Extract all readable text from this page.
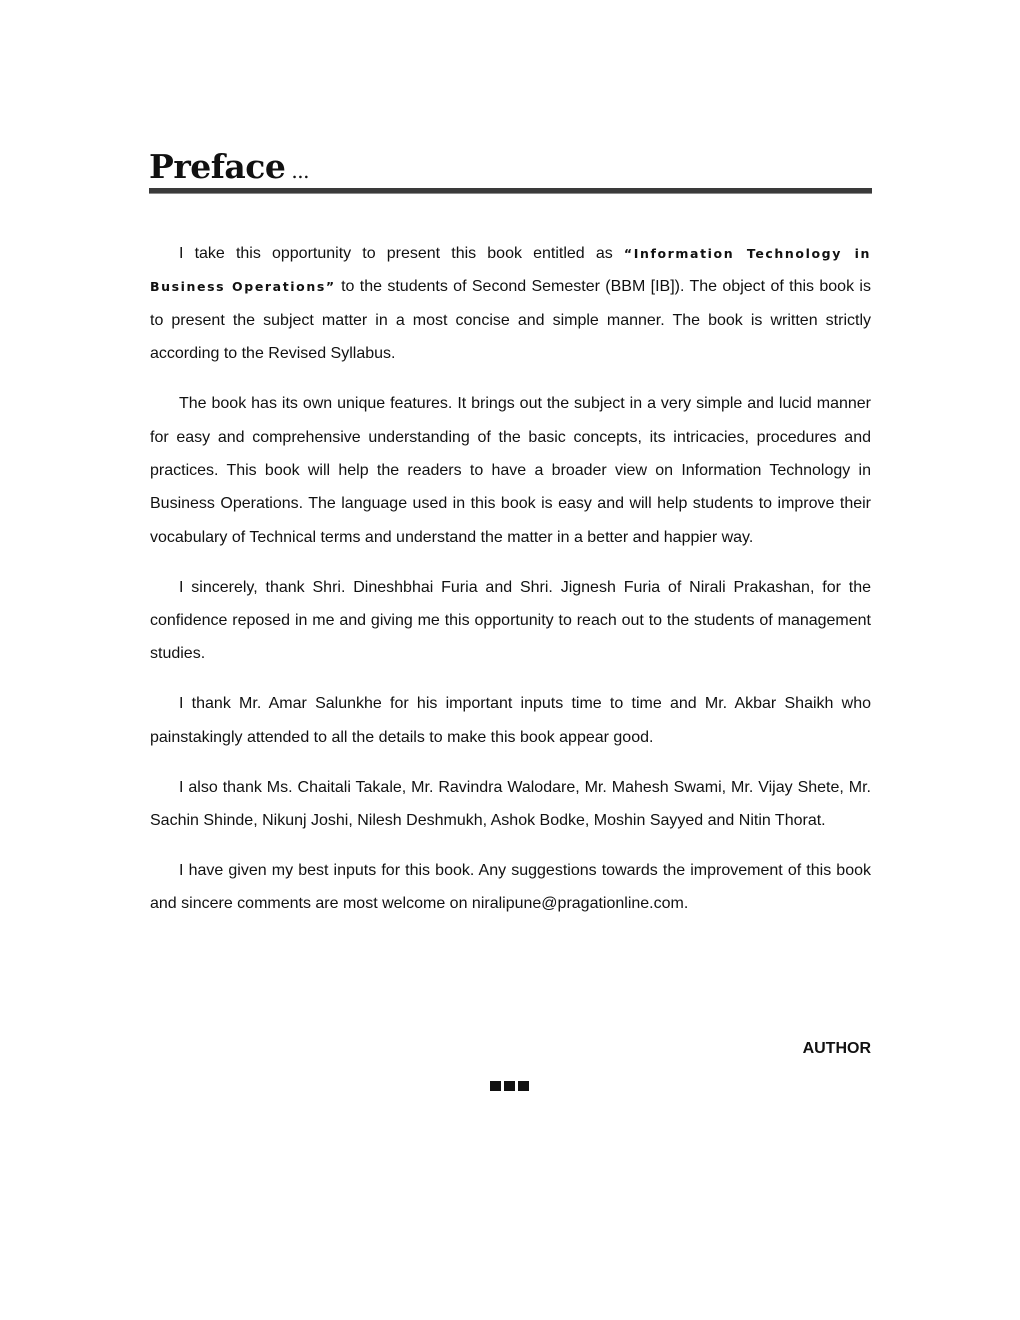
Preface ...

I take this opportunity to present this book entitled as “Information Technology in Business Operations” to the students of Second Semester (BBM [IB]). The object of this book is to present the subject matter in a most concise and simple manner. The book is written strictly according to the Revised Syllabus.

The book has its own unique features. It brings out the subject in a very simple and lucid manner for easy and comprehensive understanding of the basic concepts, its intricacies, procedures and practices. This book will help the readers to have a broader view on Information Technology in Business Operations. The language used in this book is easy and will help students to improve their vocabulary of Technical terms and understand the matter in a better and happier way.

I sincerely, thank Shri. Dineshbhai Furia and Shri. Jignesh Furia of Nirali Prakashan, for the confidence reposed in me and giving me this opportunity to reach out to the students of management studies.

I thank Mr. Amar Salunkhe for his important inputs time to time and Mr. Akbar Shaikh who painstakingly attended to all the details to make this book appear good.

I also thank Ms. Chaitali Takale, Mr. Ravindra Walodare, Mr. Mahesh Swami, Mr. Vijay Shete, Mr. Sachin Shinde, Nikunj Joshi, Nilesh Deshmukh, Ashok Bodke, Moshin Sayyed and Nitin Thorat.

I have given my best inputs for this book. Any suggestions towards the improvement of this book and sincere comments are most welcome on niralipune@pragationline.com.

AUTHOR
